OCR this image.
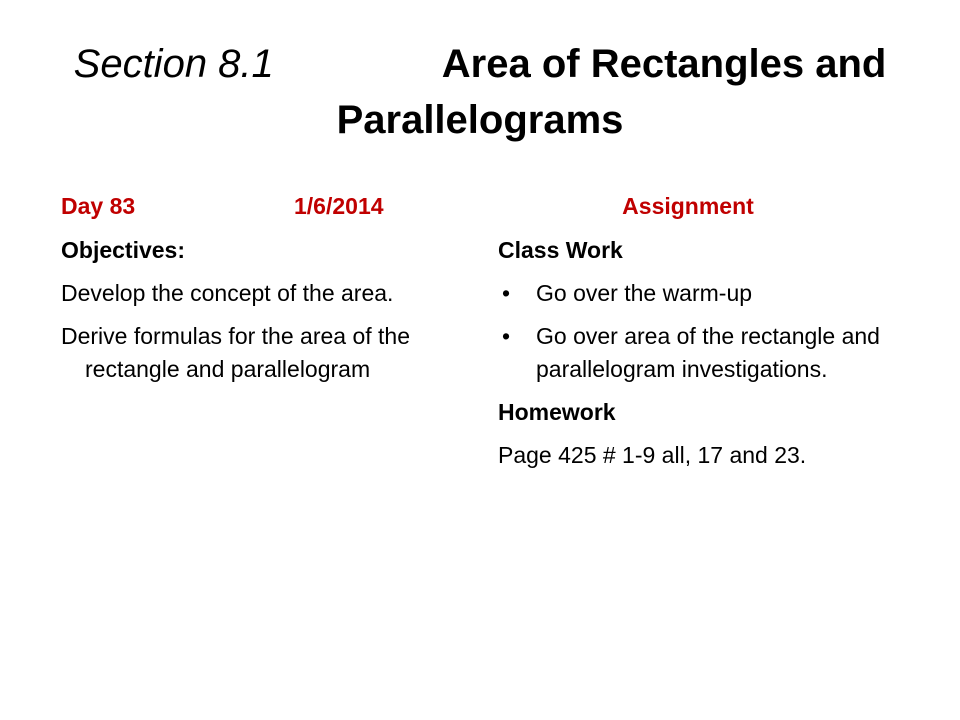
Section 8.1	Area of Rectangles and Parallelograms
Day 83	1/6/2014
Objectives:
Develop the concept of the area.
Derive formulas for the area of the rectangle and parallelogram
Assignment
Class Work
• Go over the warm-up
• Go over area of the rectangle and parallelogram investigations.
Homework
Page 425 # 1-9 all, 17 and 23.
